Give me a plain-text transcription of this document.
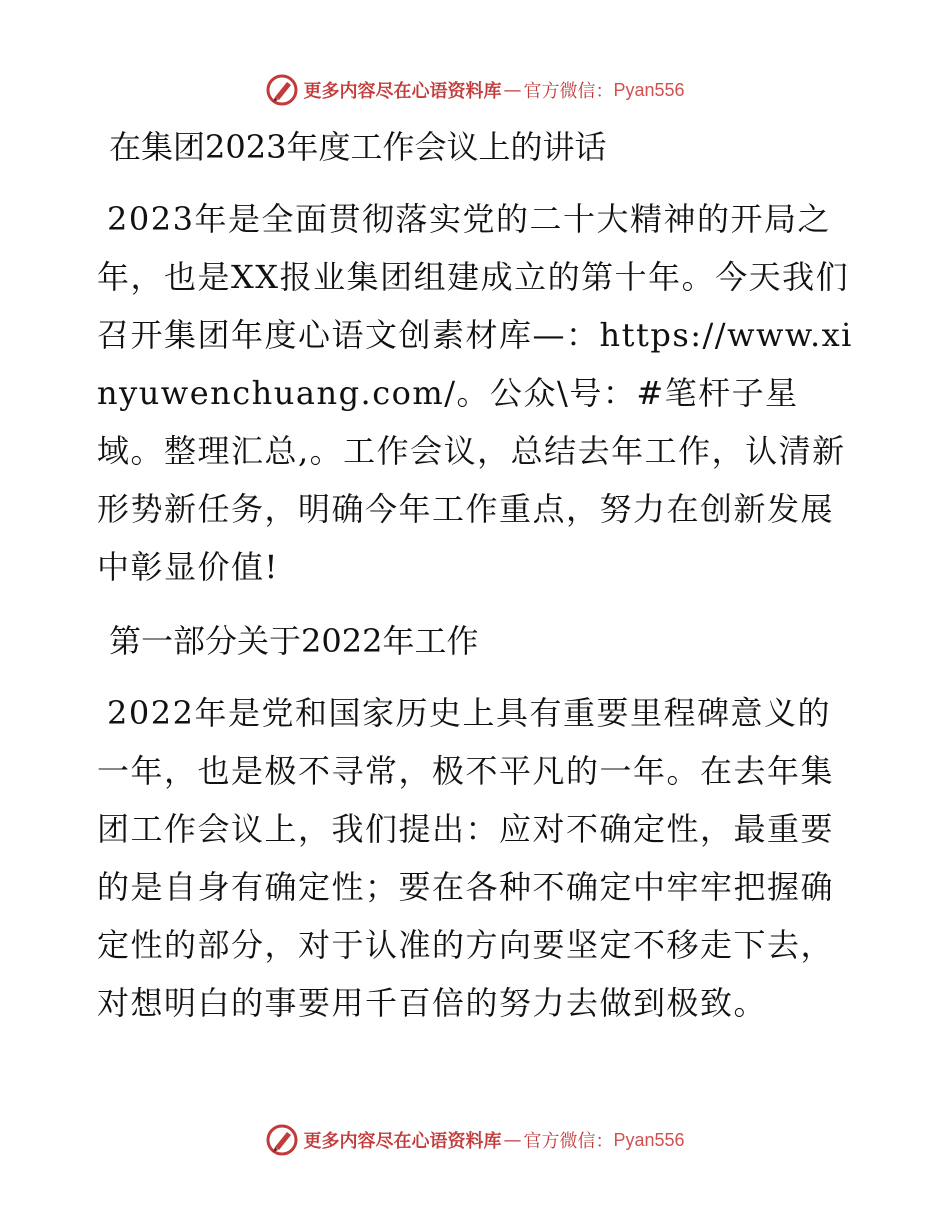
更多内容尽在心语资料库 — 官方微信 ： Pyan556
在集团2023年度工作会议上的讲话

2023年是全面贯彻落实党的二十大精神的开局之年，也是XX报业集团组建成立的第十年。今天我们召开集团年度心语文创素材库—：https://www.xinyuwenchuang.com/。公众\号：#笔杆子星域。整理汇总,。工作会议，总结去年工作，认清新形势新任务，明确今年工作重点，努力在创新发展中彰显价值!

第一部分关于2022年工作

2022年是党和国家历史上具有重要里程碑意义的一年，也是极不寻常，极不平凡的一年。在去年集团工作会议上，我们提出：应对不确定性，最重要的是自身有确定性；要在各种不确定中牢牢把握确定性的部分，对于认准的方向要坚定不移走下去，对想明白的事要用千百倍的努力去做到极致。

更多内容尽在心语资料库 — 官方微信 ： Pyan556
